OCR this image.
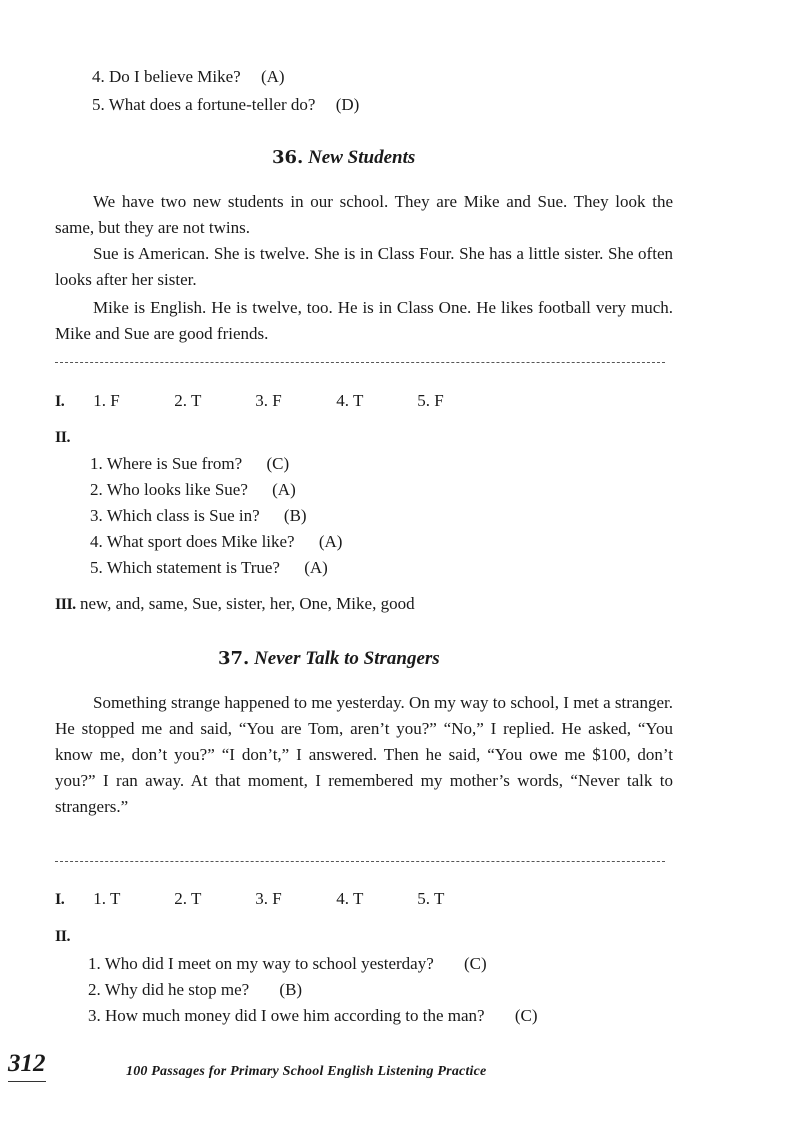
4. Do I believe Mike? (A)
5. What does a fortune-teller do? (D)
36. New Students
We have two new students in our school. They are Mike and Sue. They look the same, but they are not twins.
Sue is American. She is twelve. She is in Class Four. She has a little sister. She often looks after her sister.
Mike is English. He is twelve, too. He is in Class One. He likes football very much. Mike and Sue are good friends.
I. 1. F	2. T	3. F	4. T	5. F
II.
1. Where is Sue from? (C)
2. Who looks like Sue? (A)
3. Which class is Sue in? (B)
4. What sport does Mike like? (A)
5. Which statement is True? (A)
III. new, and, same, Sue, sister, her, One, Mike, good
37. Never Talk to Strangers
Something strange happened to me yesterday. On my way to school, I met a stranger. He stopped me and said, “You are Tom, aren’t you?” “No,” I replied. He asked, “You know me, don’t you?” “I don’t,” I answered. Then he said, “You owe me $100, don’t you?” I ran away. At that moment, I remembered my mother’s words, “Never talk to strangers.”
I. 1. T	2. T	3. F	4. T	5. T
II.
1. Who did I meet on my way to school yesterday? (C)
2. Why did he stop me? (B)
3. How much money did I owe him according to the man? (C)
312	100 Passages for Primary School English Listening Practice
